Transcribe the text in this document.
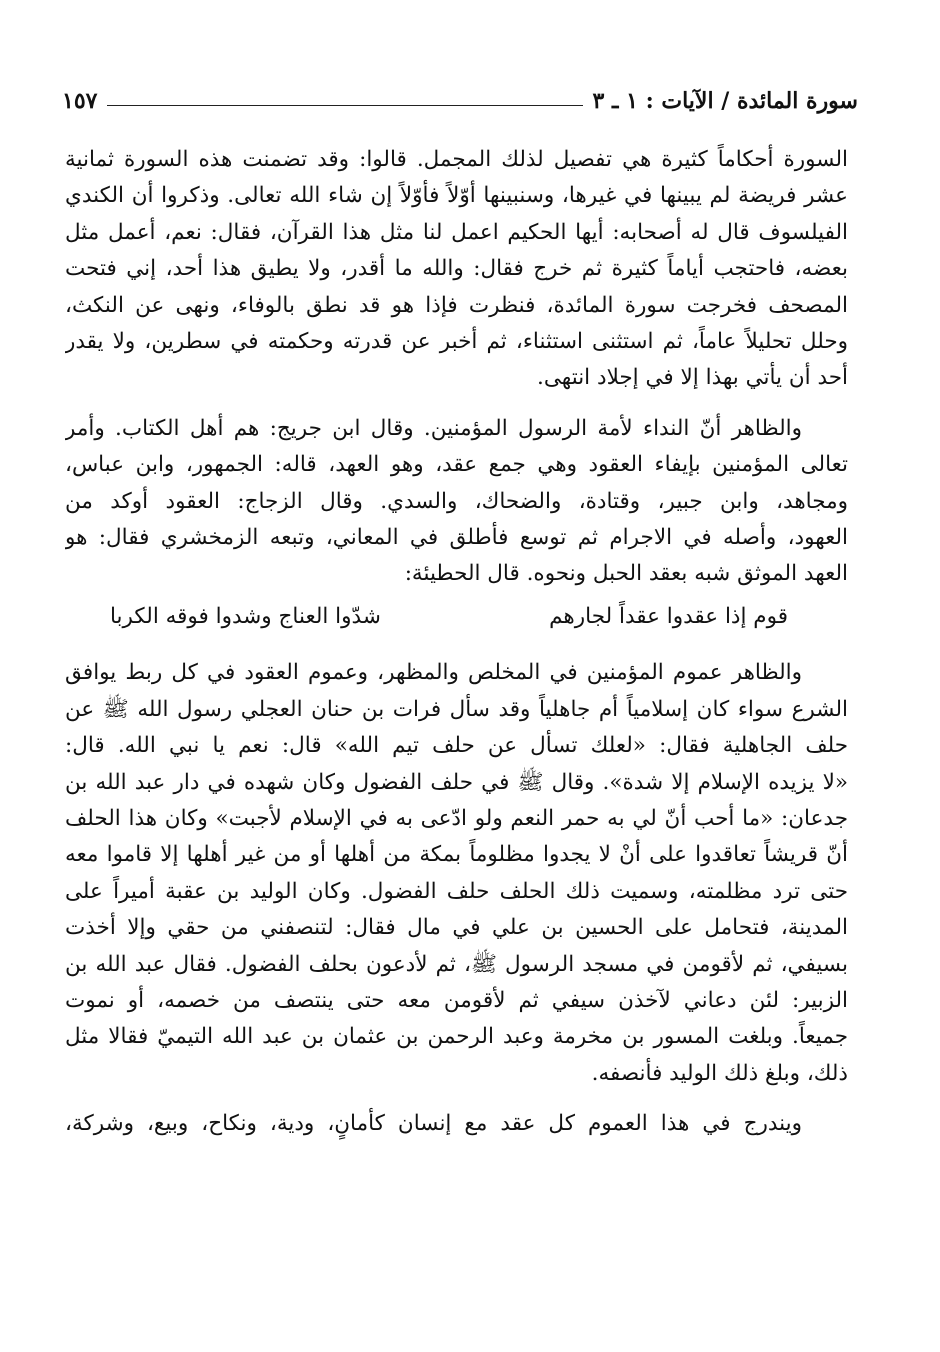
١٥٧	سورة المائدة / الآيات : ١ ـ ٣

السورة أحكاماً كثيرة هي تفصيل لذلك المجمل. قالوا: وقد تضمنت هذه السورة ثمانية
عشر فريضة لم يبينها في غيرها، وسنبينها أوّلاً فأوّلاً إن شاء الله تعالى. وذكروا أن الكندي
الفيلسوف قال له أصحابه: أيها الحكيم اعمل لنا مثل هذا القرآن، فقال: نعم، أعمل مثل
بعضه، فاحتجب أياماً كثيرة ثم خرج فقال: والله ما أقدر، ولا يطيق هذا أحد، إني فتحت
المصحف فخرجت سورة المائدة، فنظرت فإذا هو قد نطق بالوفاء، ونهى عن النكث،
وحلل تحليلاً عاماً، ثم استثنى استثناء، ثم أخبر عن قدرته وحكمته في سطرين، ولا يقدر
أحد أن يأتي بهذا إلا في إجلاد انتهى.

والظاهر أنّ النداء لأمة الرسول المؤمنين. وقال ابن جريج: هم أهل الكتاب. وأمر
تعالى المؤمنين بإيفاء العقود وهي جمع عقد، وهو العهد، قاله: الجمهور، وابن عباس،
ومجاهد، وابن جبير، وقتادة، والضحاك، والسدي. وقال الزجاج: العقود أوكد من
العهود، وأصله في الاجرام ثم توسع فأطلق في المعاني، وتبعه الزمخشري فقال: هو
العهد الموثق شبه بعقد الحبل ونحوه. قال الحطيئة:

قوم إذا عقدوا عقداً لجارهم
شدّوا العناج وشدوا فوقه الكربا

والظاهر عموم المؤمنين في المخلص والمظهر، وعموم العقود في كل ربط يوافق
الشرع سواء كان إسلامياً أم جاهلياً وقد سأل فرات بن حنان العجلي رسول الله ﷺ عن
حلف الجاهلية فقال: «لعلك تسأل عن حلف تيم الله» قال: نعم يا نبي الله. قال:
«لا يزيده الإسلام إلا شدة». وقال ﷺ في حلف الفضول وكان شهده في دار عبد الله بن
جدعان: «ما أحب أنّ لي به حمر النعم ولو ادّعى به في الإسلام لأجبت» وكان هذا الحلف
أنّ قريشاً تعاقدوا على أنْ لا يجدوا مظلوماً بمكة من أهلها أو من غير أهلها إلا قاموا معه
حتى ترد مظلمته، وسميت ذلك الحلف حلف الفضول. وكان الوليد بن عقبة أميراً على
المدينة، فتحامل على الحسين بن علي في مال فقال: لتنصفني من حقي وإلا أخذت
بسيفي، ثم لأقومن في مسجد الرسول ﷺ، ثم لأدعون بحلف الفضول. فقال عبد الله بن
الزبير: لئن دعاني لآخذن سيفي ثم لأقومن معه حتى ينتصف من خصمه، أو نموت
جميعاً. وبلغت المسور بن مخرمة وعبد الرحمن بن عثمان بن عبد الله التيميّ فقالا مثل
ذلك، وبلغ ذلك الوليد فأنصفه.

ويندرج في هذا العموم كل عقد مع إنسان كأمانٍ، ودية، ونكاح، وبيع، وشركة،
